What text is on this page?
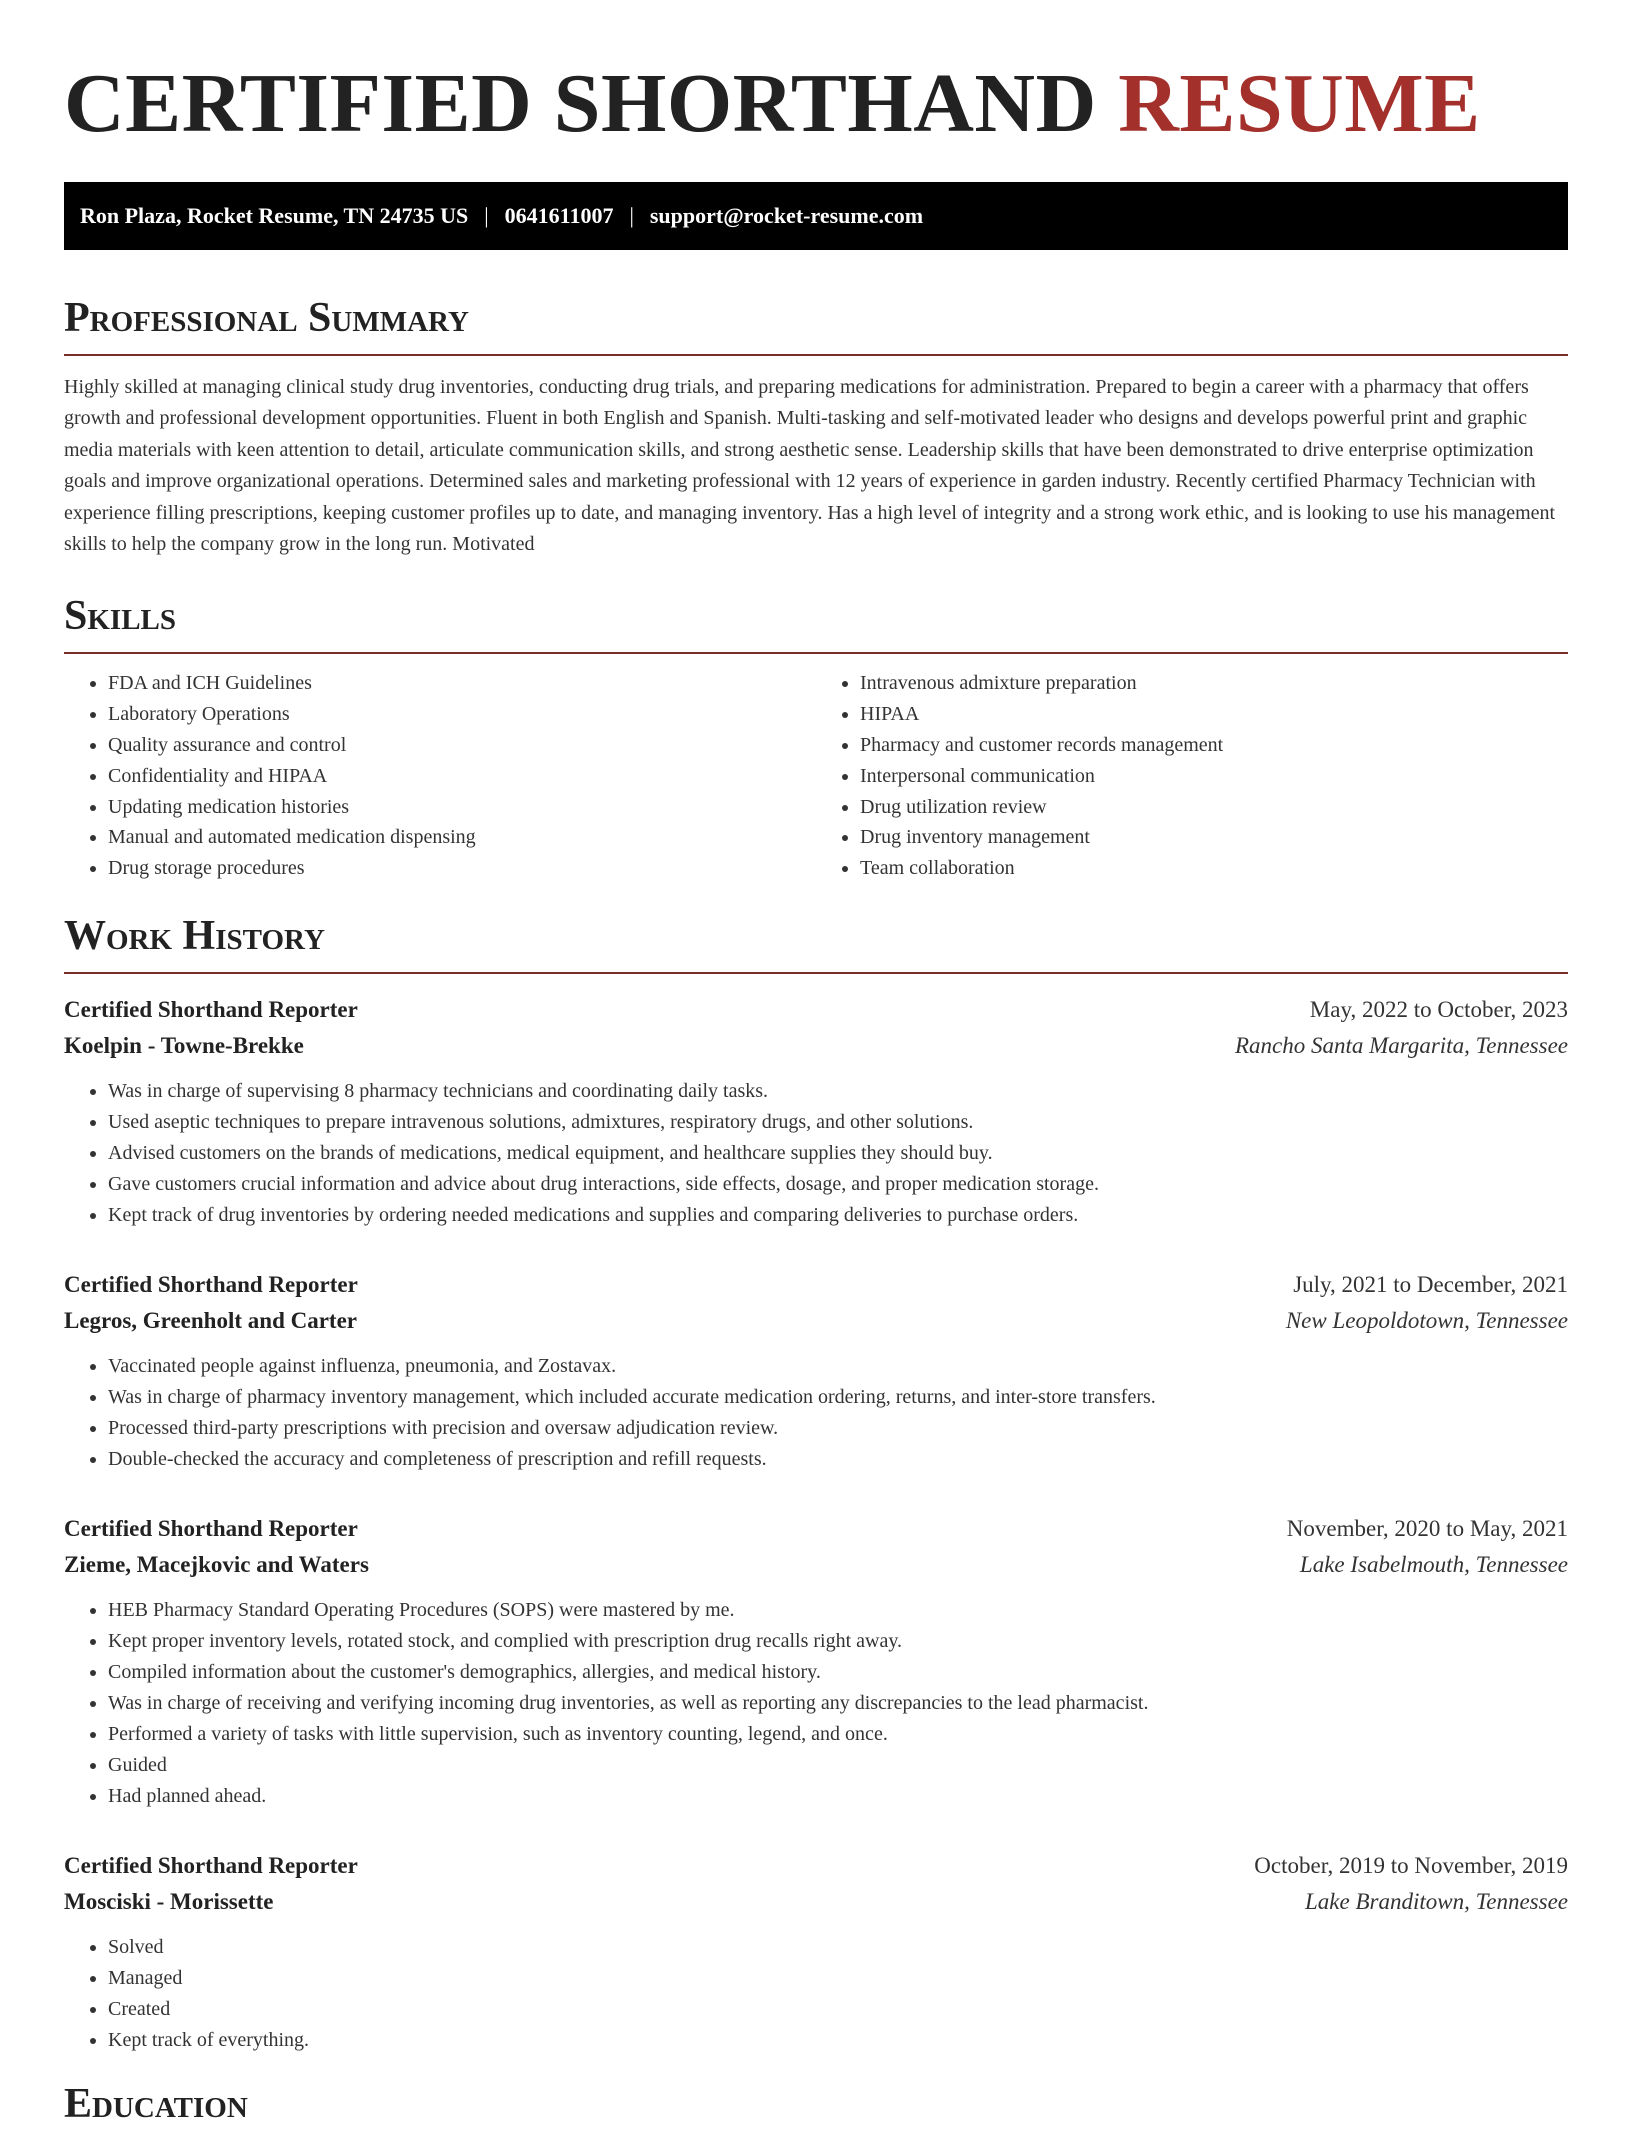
CERTIFIED SHORTHAND RESUME
Ron Plaza, Rocket Resume, TN 24735 US | 0641611007 | support@rocket-resume.com
Professional Summary

Highly skilled at managing clinical study drug inventories, conducting drug trials, and preparing medications for administration. Prepared to begin a career with a pharmacy that offers growth and professional development opportunities. Fluent in both English and Spanish. Multi-tasking and self-motivated leader who designs and develops powerful print and graphic media materials with keen attention to detail, articulate communication skills, and strong aesthetic sense. Leadership skills that have been demonstrated to drive enterprise optimization goals and improve organizational operations. Determined sales and marketing professional with 12 years of experience in garden industry. Recently certified Pharmacy Technician with experience filling prescriptions, keeping customer profiles up to date, and managing inventory. Has a high level of integrity and a strong work ethic, and is looking to use his management skills to help the company grow in the long run. Motivated

Skills
• FDA and ICH Guidelines
• Laboratory Operations
• Quality assurance and control
• Confidentiality and HIPAA
• Updating medication histories
• Manual and automated medication dispensing
• Drug storage procedures
• Intravenous admixture preparation
• HIPAA
• Pharmacy and customer records management
• Interpersonal communication
• Drug utilization review
• Drug inventory management
• Team collaboration
Work History
Certified Shorthand Reporter	May, 2022 to October, 2023
Koelpin - Towne-Brekke	Rancho Santa Margarita, Tennessee
• Was in charge of supervising 8 pharmacy technicians and coordinating daily tasks.
• Used aseptic techniques to prepare intravenous solutions, admixtures, respiratory drugs, and other solutions.
• Advised customers on the brands of medications, medical equipment, and healthcare supplies they should buy.
• Gave customers crucial information and advice about drug interactions, side effects, dosage, and proper medication storage.
• Kept track of drug inventories by ordering needed medications and supplies and comparing deliveries to purchase orders.
Certified Shorthand Reporter	July, 2021 to December, 2021
Legros, Greenholt and Carter	New Leopoldotown, Tennessee
• Vaccinated people against influenza, pneumonia, and Zostavax.
• Was in charge of pharmacy inventory management, which included accurate medication ordering, returns, and inter-store transfers.
• Processed third-party prescriptions with precision and oversaw adjudication review.
• Double-checked the accuracy and completeness of prescription and refill requests.
Certified Shorthand Reporter	November, 2020 to May, 2021
Zieme, Macejkovic and Waters	Lake Isabelmouth, Tennessee
• HEB Pharmacy Standard Operating Procedures (SOPS) were mastered by me.
• Kept proper inventory levels, rotated stock, and complied with prescription drug recalls right away.
• Compiled information about the customer's demographics, allergies, and medical history.
• Was in charge of receiving and verifying incoming drug inventories, as well as reporting any discrepancies to the lead pharmacist.
• Performed a variety of tasks with little supervision, such as inventory counting, legend, and once.
• Guided
• Had planned ahead.
Certified Shorthand Reporter	October, 2019 to November, 2019
Mosciski - Morissette	Lake Branditown, Tennessee
• Solved
• Managed
• Created
• Kept track of everything.
Education
